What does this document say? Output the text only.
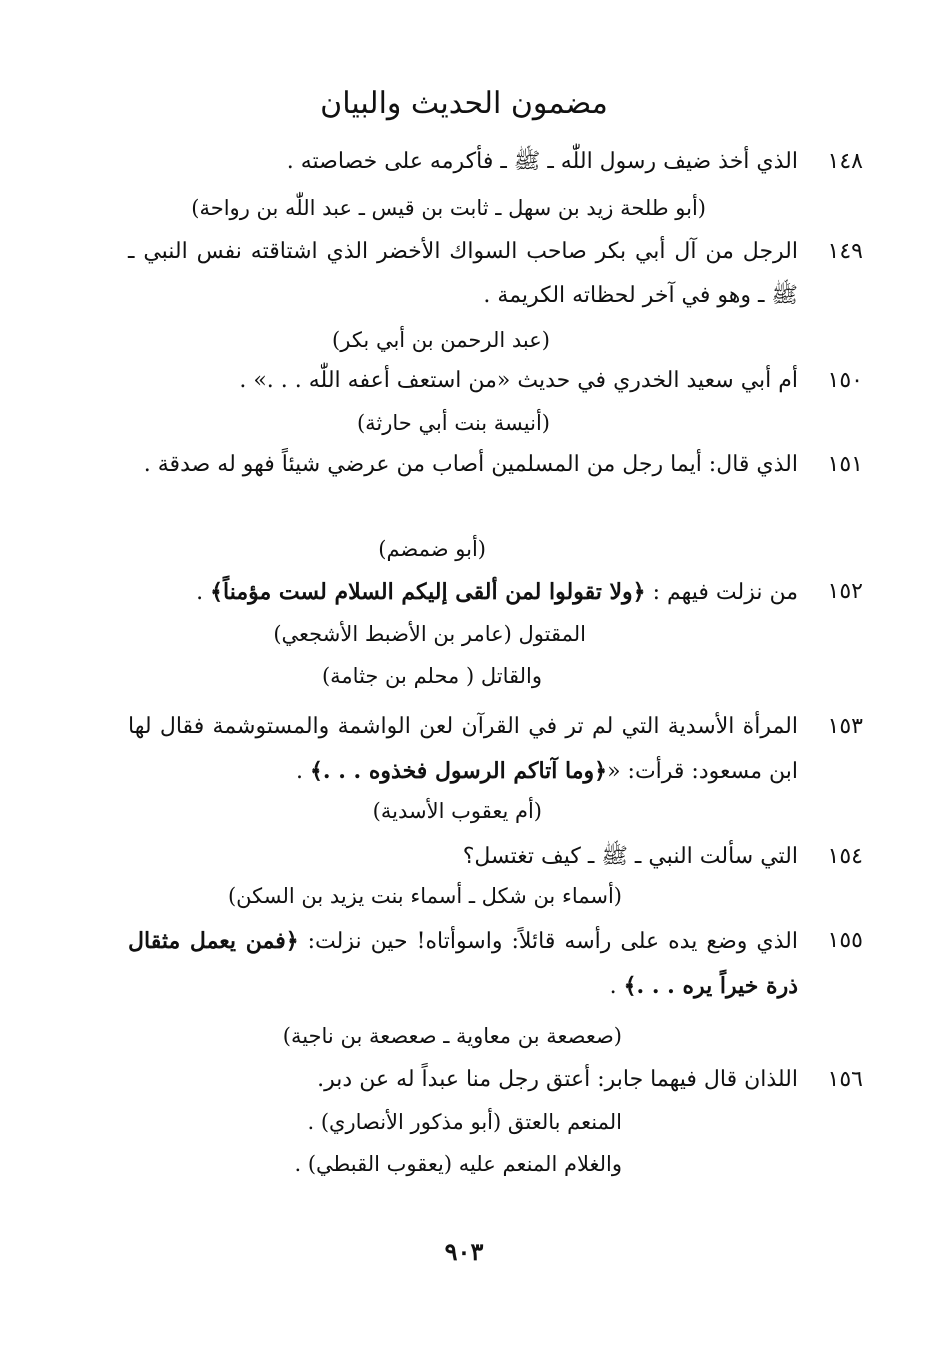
مضمون الحديث والبيان
١٤٨
الذي أخذ ضيف رسول اللّٰه ـ ﷺ ـ فأكرمه على خصاصته .
(أبو طلحة زيد بن سهل ـ ثابت بن قيس ـ عبد اللّٰه بن رواحة)
١٤٩
الرجل من آل أبي بكر صاحب السواك الأخضر الذي اشتاقته نفس النبي ـ ﷺ ـ وهو في آخر لحظاته الكريمة .
(عبد الرحمن بن أبي بكر)
١٥٠
أم أبي سعيد الخدري في حديث «من استعف أعفه اللّٰه . . .» .
(أنيسة بنت أبي حارثة)
١٥١
الذي قال: أيما رجل من المسلمين أصاب من عرضي شيئاً فهو له صدقة .
(أبو ضمضم)
١٥٢
من نزلت فيهم : ﴿ولا تقولوا لمن ألقى إليكم السلام لست مؤمناً﴾ .
المقتول (عامر بن الأضبط الأشجعي)
والقاتل ( محلم بن جثامة)
١٥٣
المرأة الأسدية التي لم تر في القرآن لعن الواشمة والمستوشمة فقال لها ابن مسعود: قرأت: «﴿وما آتاكم الرسول فخذوه . . .﴾ .
(أم يعقوب الأسدية)
١٥٤
التي سألت النبي ـ ﷺ ـ كيف تغتسل؟
(أسماء بن شكل ـ أسماء بنت يزيد بن السكن)
١٥٥
الذي وضع يده على رأسه قائلاً: واسوأتاه! حين نزلت: ﴿فمن يعمل مثقال ذرة خيراً يره . . .﴾ .
(صعصعة بن معاوية ـ صعصعة بن ناجية)
١٥٦
اللذان قال فيهما جابر: أعتق رجل منا عبداً له عن دبر.
المنعم بالعتق (أبو مذكور الأنصاري) .
والغلام المنعم عليه (يعقوب القبطي) .
٩٠٣
